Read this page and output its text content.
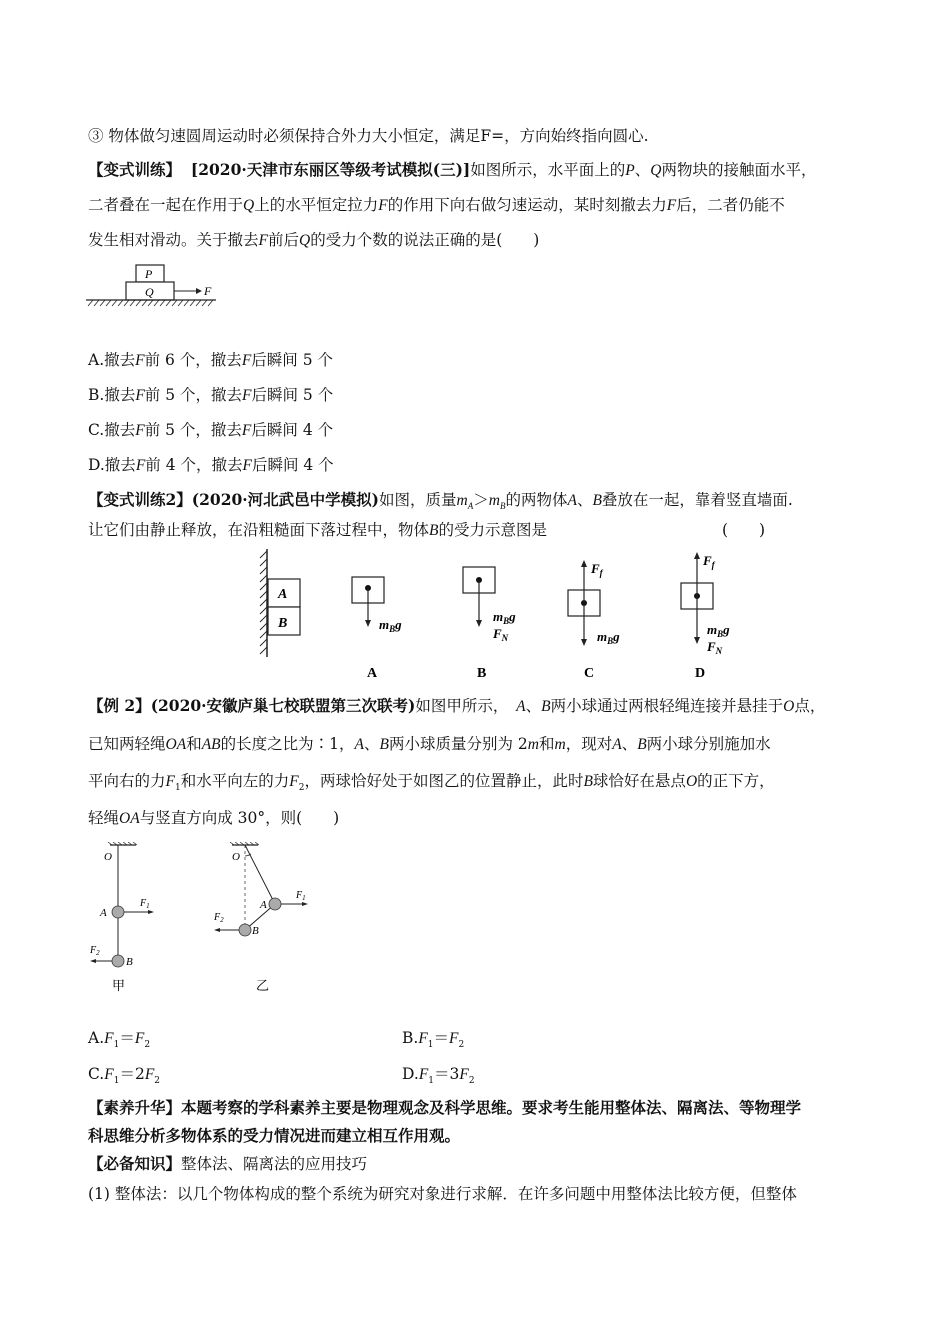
③ 物体做匀速圆周运动时必须保持合外力大小恒定，满足F=，方向始终指向圆心.
【变式训练】 [2020·天津市东丽区等级考试模拟(三)]如图所示，水平面上的P、Q两物块的接触面水平，
二者叠在一起在作用于Q上的水平恒定拉力F的作用下向右做匀速运动，某时刻撤去力F后，二者仍能不
发生相对滑动。关于撤去F前后Q的受力个数的说法正确的是(　　)
P
Q	F
A.撤去F前 6 个，撤去F后瞬间 5 个
B.撤去F前 5 个，撤去F后瞬间 5 个
C.撤去F前 5 个，撤去F后瞬间 4 个
D.撤去F前 4 个，撤去F后瞬间 4 个
【变式训练2】(2020·河北武邑中学模拟)如图，质量$m_A>m_B$的两物体A、B叠放在一起，靠着竖直墙面.
让它们由静止释放，在沿粗糙面下落过程中，物体B的受力示意图是	(　　)
A
B	$m_Bg$
A
$m_Bg$
$F_N$
B
$F_f$
$m_Bg$
C
$F_f$
$m_Bg$
$F_N$
D
【例 2】(2020·安徽庐巢七校联盟第三次联考)如图甲所示，　A、B两小球通过两根轻绳连接并悬挂于O点，
已知两轻绳OA和AB的长度之比为∶1，A、B两小球质量分别为 2m和m，现对A、B两小球分别施加水
平向右的力$F_1$和水平向左的力$F_2$，两球恰好处于如图乙的位置静止，此时B球恰好在悬点O的正下方，
轻绳OA与竖直方向成 30°，则(　　)
O
A
$F_1$
B
$F_2$
甲
O
A
$F_1$
B
$F_2$
乙
$A.F_1=F_2$	$B.F_1=F_2$
$C.F_1=2F_2$	$D.F_1=3F_2$
【素养升华】本题考察的学科素养主要是物理观念及科学思维。要求考生能用整体法、隔离法、等物理学
科思维分析多物体系的受力情况进而建立相互作用观。
【必备知识】整体法、隔离法的应用技巧
(1) 整体法：以几个物体构成的整个系统为研究对象进行求解．在许多问题中用整体法比较方便，但整体
